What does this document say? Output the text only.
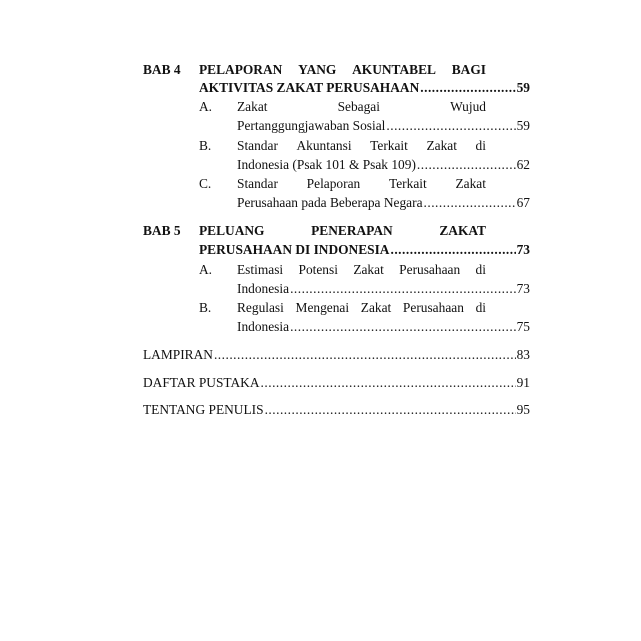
BAB 4 PELAPORAN YANG AKUNTABEL BAGI
AKTIVITAS ZAKAT PERUSAHAAN .....	59
A. Zakat	Sebagai	Wujud
Pertanggungjawaban Sosial .....	59
B. Standar Akuntansi Terkait Zakat di
Indonesia (Psak 101 & Psak 109) .....	62
C. Standar Pelaporan Terkait Zakat
Perusahaan pada Beberapa Negara .....	67
BAB 5 PELUANG	PENERAPAN	ZAKAT
PERUSAHAAN DI INDONESIA .....	73
A. Estimasi Potensi Zakat Perusahaan di
Indonesia .....	73
B. Regulasi Mengenai Zakat Perusahaan di
Indonesia .....	75
LAMPIRAN .....	83
DAFTAR PUSTAKA .....	91
TENTANG PENULIS .....	95
